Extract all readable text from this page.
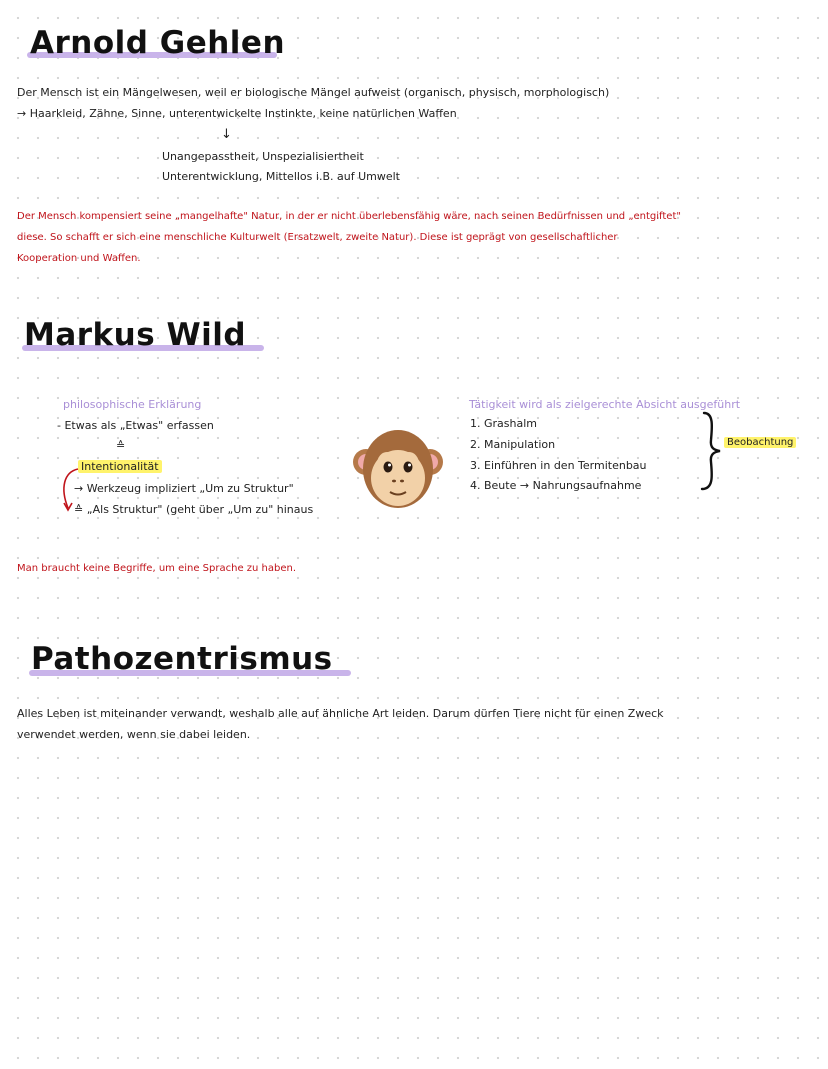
Arnold Gehlen
Der Mensch ist ein Mängelwesen, weil er biologische Mängel aufweist (organisch, physisch, morphologisch)
→ Haarkleid, Zähne, Sinne, unterentwickelte Instinkte, keine natürlichen Waffen
↓
Unangepasstheit, Unspezialisiertheit
Unterentwicklung, Mittellos i.B. auf Umwelt
Der Mensch kompensiert seine „mangelhafte" Natur, in der er nicht überlebensfähig wäre, nach seinen Bedürfnissen und „entgiftet"
diese. So schafft er sich eine menschliche Kulturwelt (Ersatzwelt, zweite Natur). Diese ist geprägt von gesellschaftlicher
Kooperation und Waffen.
Markus Wild
philosophische Erklärung
- Etwas als „Etwas" erfassen
≙
Intentionalität
→ Werkzeug impliziert „Um zu Struktur"
≙ „Als Struktur" (geht über „Um zu" hinaus
Tätigkeit wird als zielgerechte Absicht ausgeführt
1. Grashalm
2. Manipulation
3. Einführen in den Termitenbau
4. Beute → Nahrungsaufnahme
Beobachtung
Man braucht keine Begriffe, um eine Sprache zu haben.
Pathozentrismus
Alles Leben ist miteinander verwandt, weshalb alle auf ähnliche Art leiden. Darum dürfen Tiere nicht für einen Zweck
verwendet werden, wenn sie dabei leiden.
